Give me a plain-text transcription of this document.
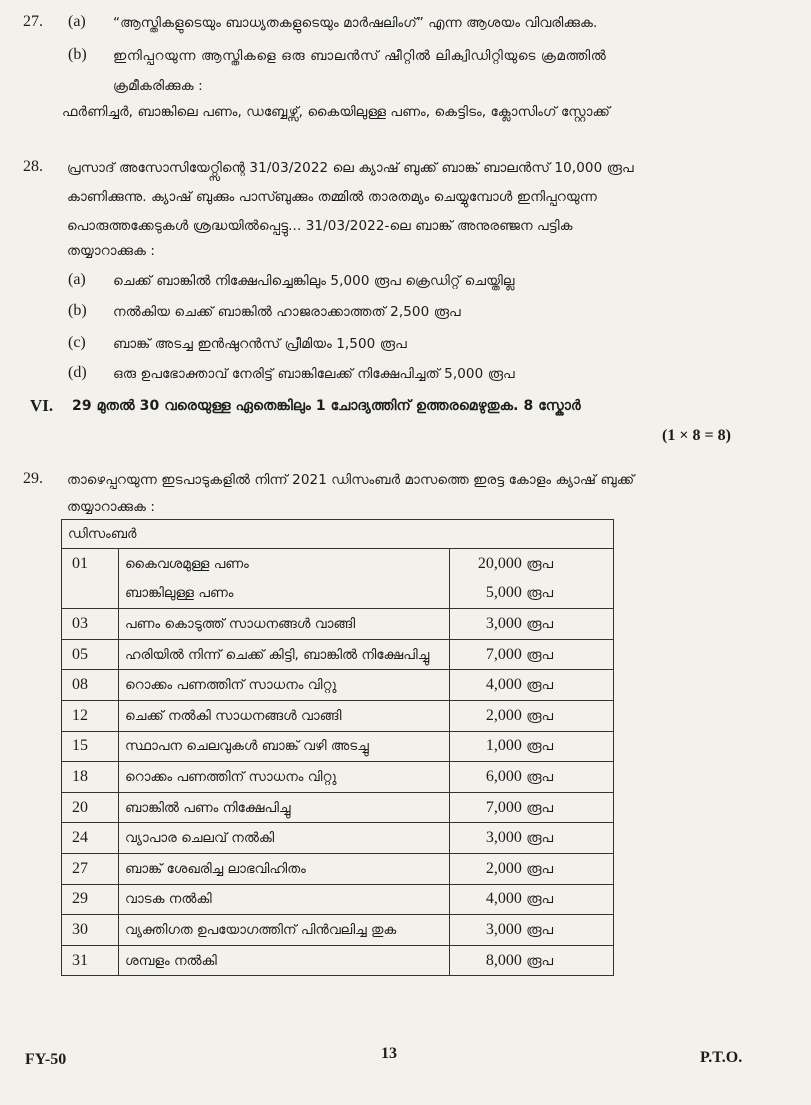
27. (a) “ആസ്തികളുടെയും ബാധ്യതകളുടെയും മാർഷലിംഗ്” എന്ന ആശയം വിവരിക്കുക.
(b) ഇനിപ്പറയുന്ന ആസ്തികളെ ഒരു ബാലൻസ് ഷീറ്റിൽ ലിക്വിഡിറ്റിയുടെ ക്രമത്തിൽ
ക്രമീകരിക്കുക :
ഫർണിച്ചർ, ബാങ്കിലെ പണം, ഡബ്ബേഴ്സ്, കൈയിലുള്ള പണം, കെട്ടിടം, ക്ലോസിംഗ് സ്റ്റോക്ക്
28. പ്രസാദ് അസോസിയേറ്റ്സിന്റെ 31/03/2022 ലെ ക്യാഷ് ബുക്ക് ബാങ്ക് ബാലൻസ് 10,000 രൂപ
കാണിക്കുന്നു. ക്യാഷ് ബുക്കും പാസ്ബുക്കും തമ്മിൽ താരതമ്യം ചെയ്യുമ്പോൾ ഇനിപ്പറയുന്ന
പൊരുത്തക്കേടുകൾ ശ്രദ്ധയിൽപ്പെട്ടു... 31/03/2022-ലെ ബാങ്ക് അനുരഞ്ജന പട്ടിക
തയ്യാറാക്കുക :
(a) ചെക്ക് ബാങ്കിൽ നിക്ഷേപിച്ചെങ്കിലും 5,000 രൂപ ക്രെഡിറ്റ് ചെയ്തില്ല
(b) നൽകിയ ചെക്ക് ബാങ്കിൽ ഹാജരാക്കാത്തത് 2,500 രൂപ
(c) ബാങ്ക് അടച്ച ഇൻഷുറൻസ് പ്രീമിയം 1,500 രൂപ
(d) ഒരു ഉപഭോക്താവ് നേരിട്ട് ബാങ്കിലേക്ക് നിക്ഷേപിച്ചത് 5,000 രൂപ
VI. 29 മുതൽ 30 വരെയുള്ള ഏതെങ്കിലും 1 ചോദ്യത്തിന് ഉത്തരമെഴുതുക. 8 സ്കോർ
(1 × 8 = 8)
29. താഴെപ്പറയുന്ന ഇടപാടുകളിൽ നിന്ന് 2021 ഡിസംബർ മാസത്തെ ഇരട്ട കോളം ക്യാഷ് ബുക്ക്
തയ്യാറാക്കുക :
ഡിസംബർ		
01	കൈവശമുള്ള പണം	20,000 രൂപ
	ബാങ്കിലുള്ള പണം	5,000 രൂപ
03	പണം കൊടുത്ത് സാധനങ്ങൾ വാങ്ങി	3,000 രൂപ
05	ഹരിയിൽ നിന്ന് ചെക്ക് കിട്ടി, ബാങ്കിൽ നിക്ഷേപിച്ചു	7,000 രൂപ
08	റൊക്കം പണത്തിന് സാധനം വിറ്റു	4,000 രൂപ
12	ചെക്ക് നൽകി സാധനങ്ങൾ വാങ്ങി	2,000 രൂപ
15	സ്ഥാപന ചെലവുകൾ ബാങ്ക് വഴി അടച്ചു	1,000 രൂപ
18	റൊക്കം പണത്തിന് സാധനം വിറ്റു	6,000 രൂപ
20	ബാങ്കിൽ പണം നിക്ഷേപിച്ചു	7,000 രൂപ
24	വ്യാപാര ചെലവ് നൽകി	3,000 രൂപ
27	ബാങ്ക് ശേഖരിച്ച ലാഭവിഹിതം	2,000 രൂപ
29	വാടക നൽകി	4,000 രൂപ
30	വ്യക്തിഗത ഉപയോഗത്തിന് പിൻവലിച്ച തുക	3,000 രൂപ
31	ശമ്പളം നൽകി	8,000 രൂപ
FY-50	13	P.T.O.
